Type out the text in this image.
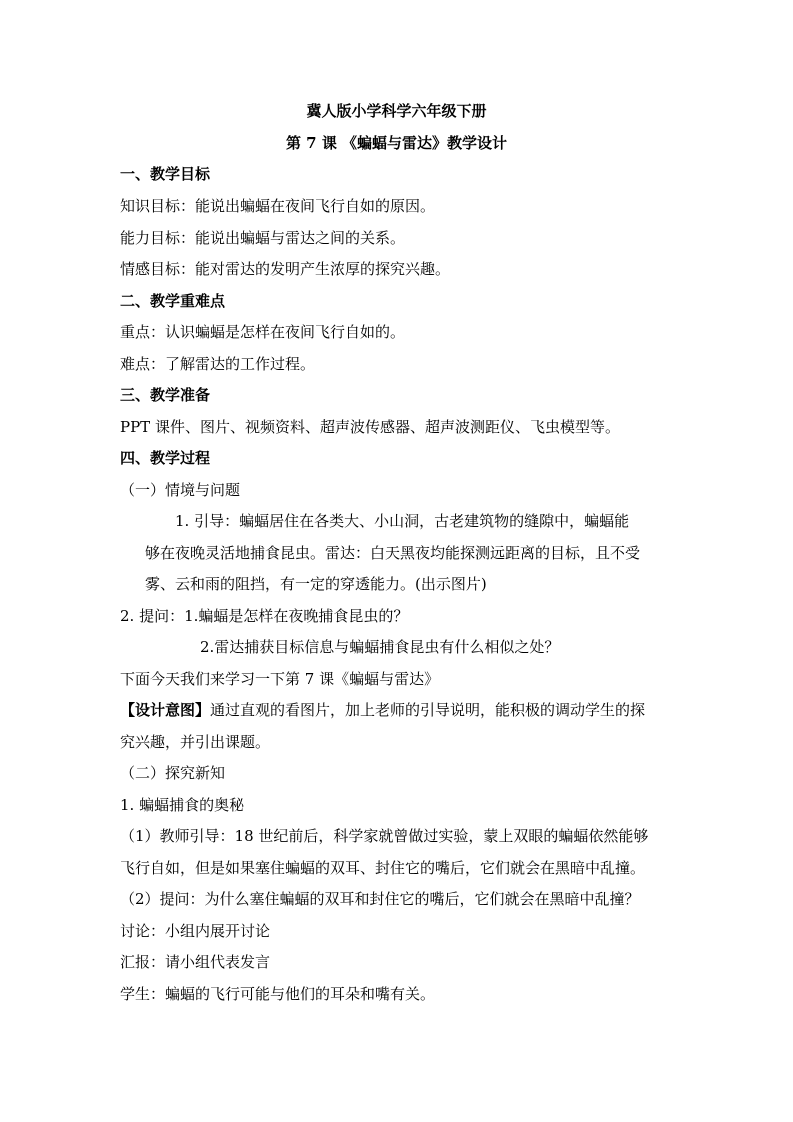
冀人版小学科学六年级下册
第 7 课 《蝙蝠与雷达》教学设计
一、教学目标
知识目标：能说出蝙蝠在夜间飞行自如的原因。
能力目标：能说出蝙蝠与雷达之间的关系。
情感目标：能对雷达的发明产生浓厚的探究兴趣。
二、教学重难点
重点：认识蝙蝠是怎样在夜间飞行自如的。
难点：了解雷达的工作过程。
三、教学准备
PPT 课件、图片、视频资料、超声波传感器、超声波测距仪、飞虫模型等。
四、教学过程
（一）情境与问题
1. 引导：蝙蝠居住在各类大、小山洞，古老建筑物的缝隙中，蝙蝠能
够在夜晚灵活地捕食昆虫。雷达：白天黑夜均能探测远距离的目标，且不受
雾、云和雨的阻挡，有一定的穿透能力。(出示图片)
2. 提问：1.蝙蝠是怎样在夜晚捕食昆虫的？
2.雷达捕获目标信息与蝙蝠捕食昆虫有什么相似之处？
下面今天我们来学习一下第 7 课《蝙蝠与雷达》
【设计意图】通过直观的看图片，加上老师的引导说明，能积极的调动学生的探
究兴趣，并引出课题。
（二）探究新知
1. 蝙蝠捕食的奥秘
（1）教师引导：18 世纪前后，科学家就曾做过实验，蒙上双眼的蝙蝠依然能够
飞行自如，但是如果塞住蝙蝠的双耳、封住它的嘴后，它们就会在黑暗中乱撞。
（2）提问：为什么塞住蝙蝠的双耳和封住它的嘴后，它们就会在黑暗中乱撞？
讨论：小组内展开讨论
汇报：请小组代表发言
学生：蝙蝠的飞行可能与他们的耳朵和嘴有关。
